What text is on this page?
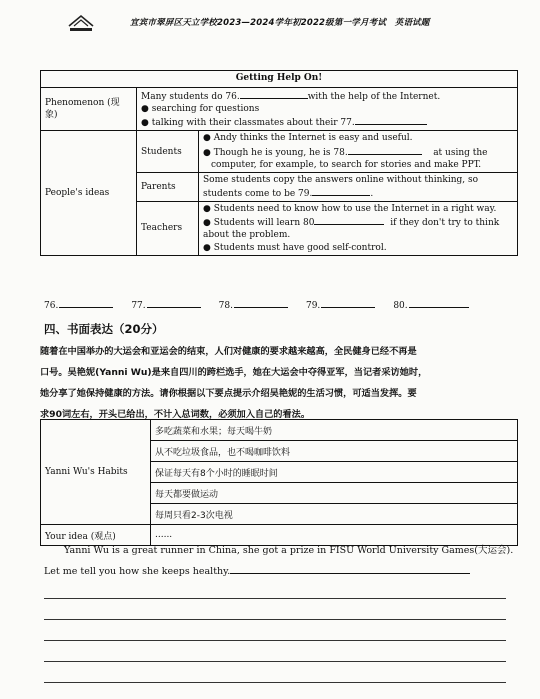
宜宾市翠屏区天立学校2023—2024学年初2022级第一学月考试　英语试题
Getting Help On!		
Phenomenon (现象)	Many students do 76. with the help of the Internet.
● searching for questions
● talking with their classmates about their 77.	

People's ideas	Students	● Andy thinks the Internet is easy and useful.
● Though he is young, he is 78. at using the
computer, for example, to search for stories and make PPT.

	Parents	Some students copy the answers online without thinking, so
students come to be 79. .

	Teachers	● Students need to know how to use the Internet in a right way.
● Students will learn 80 if they don't try to think
about the problem.
● Students must have good self-control.
76.	77.	78.	79.	80.
四、书面表达（20分）
随着在中国举办的大运会和亚运会的结束，人们对健康的要求越来越高，全民健身已经不再是
口号。吴艳妮(Yanni Wu)是来自四川的跨栏选手，她在大运会中夺得亚军，当记者采访她时，
她分享了她保持健康的方法。请你根据以下要点提示介绍吴艳妮的生活习惯，可适当发挥。要
求90词左右，开头已给出，不计入总词数，必须加入自己的看法。
Yanni Wu's Habits	多吃蔬菜和水果；每天喝牛奶
	从不吃垃圾食品，也不喝咖啡饮料
	保证每天有8个小时的睡眠时间
	每天都要做运动
	每周只看2-3次电视
Your idea (观点)	......
Yanni Wu is a great runner in China, she got a prize in FISU World University Games(大运会).
Let me tell you how she keeps healthy.
